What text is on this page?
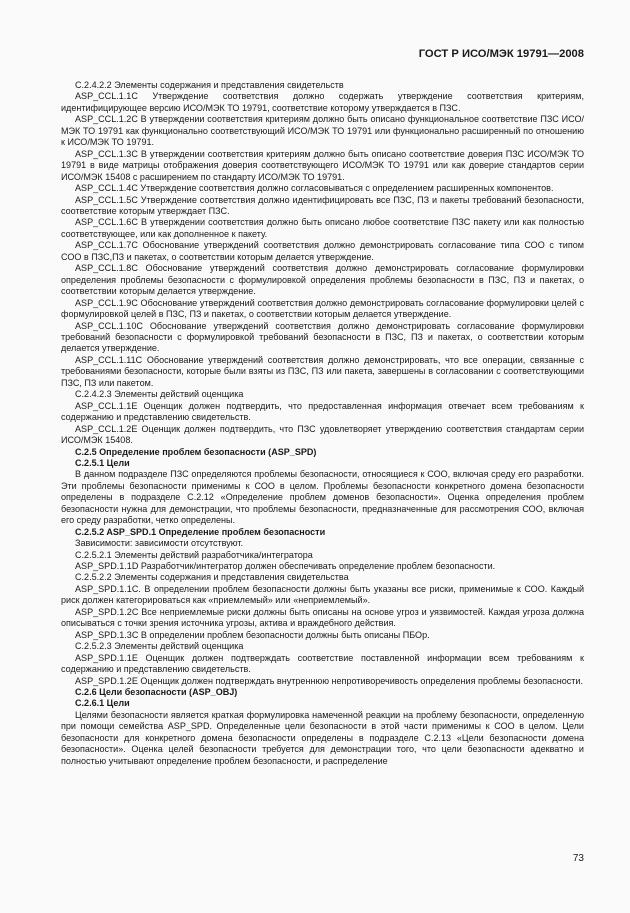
ГОСТ Р ИСО/МЭК 19791—2008

C.2.4.2.2 Элементы содержания и представления свидетельств

ASP_CCL.1.1C Утверждение соответствия должно содержать утверждение соответствия критериям, идентифицирующее версию ИСО/МЭК ТО 19791, соответствие которому утверждается в ПЗС.

ASP_CCL.1.2C В утверждении соответствия критериям должно быть описано функциональное соответствие ПЗС ИСО/МЭК ТО 19791 как функционально соответствующий ИСО/МЭК ТО 19791 или функционально расширенный по отношению к ИСО/МЭК ТО 19791.

ASP_CCL.1.3C В утверждении соответствия критериям должно быть описано соответствие доверия ПЗС ИСО/МЭК ТО 19791 в виде матрицы отображения доверия соответствующего ИСО/МЭК ТО 19791 или как доверие стандартов серии ИСО/МЭК 15408 с расширением по стандарту ИСО/МЭК ТО 19791.

ASP_CCL.1.4C Утверждение соответствия должно согласовываться с определением расширенных компонентов.

ASP_CCL.1.5C Утверждение соответствия должно идентифицировать все ПЗС, ПЗ и пакеты требований безопасности, соответствие которым утверждает ПЗС.

ASP_CCL.1.6C В утверждении соответствия должно быть описано любое соответствие ПЗС пакету или как полностью соответствующее, или как дополненное к пакету.

ASP_CCL.1.7C Обоснование утверждений соответствия должно демонстрировать согласование типа СОО с типом СОО в ПЗС,ПЗ и пакетах, о соответствии которым делается утверждение.

ASP_CCL.1.8C Обоснование утверждений соответствия должно демонстрировать согласование формулировки определения проблемы безопасности с формулировкой определения проблемы безопасности в ПЗС, ПЗ и пакетах, о соответствии которым делается утверждение.

ASP_CCL.1.9C Обоснование утверждений соответствия должно демонстрировать согласование формулировки целей с формулировкой целей в ПЗС, ПЗ и пакетах, о соответствии которым делается утверждение.

ASP_CCL.1.10C Обоснование утверждений соответствия должно демонстрировать согласование формулировки требований безопасности с формулировкой требований безопасности в ПЗС, ПЗ и пакетах, о соответствии которым делается утверждение.

ASP_CCL.1.11C Обоснование утверждений соответствия должно демонстрировать, что все операции, связанные с требованиями безопасности, которые были взяты из ПЗС, ПЗ или пакета, завершены в согласовании с соответствующими ПЗС, ПЗ или пакетом.

C.2.4.2.3 Элементы действий оценщика

ASP_CCL.1.1E Оценщик должен подтвердить, что предоставленная информация отвечает всем требованиям к содержанию и представлению свидетельств.

ASP_CCL.1.2E Оценщик должен подтвердить, что ПЗС удовлетворяет утверждению соответствия стандартам серии ИСО/МЭК 15408.

C.2.5 Определение проблем безопасности (ASP_SPD)

C.2.5.1 Цели

В данном подразделе ПЗС определяются проблемы безопасности, относящиеся к СОО, включая среду его разработки. Эти проблемы безопасности применимы к СОО в целом. Проблемы безопасности конкретного домена безопасности определены в подразделе C.2.12 «Определение проблем доменов безопасности». Оценка определения проблем безопасности нужна для демонстрации, что проблемы безопасности, предназначенные для рассмотрения СОО, включая его среду разработки, четко определены.

C.2.5.2 ASP_SPD.1 Определение проблем безопасности

Зависимости: зависимости отсутствуют.

C.2.5.2.1 Элементы действий разработчика/интегратора

ASP_SPD.1.1D Разработчик/интегратор должен обеспечивать определение проблем безопасности.

C.2.5.2.2 Элементы содержания и представления свидетельства

ASP_SPD.1.1C. В определении проблем безопасности должны быть указаны все риски, применимые к СОО. Каждый риск должен категорироваться как «приемлемый» или «неприемлемый».

ASP_SPD.1.2C Все неприемлемые риски должны быть описаны на основе угроз и уязвимостей. Каждая угроза должна описываться с точки зрения источника угрозы, актива и враждебного действия.

ASP_SPD.1.3C В определении проблем безопасности должны быть описаны ПБОр.

C.2.5.2.3 Элементы действий оценщика

ASP_SPD.1.1E Оценщик должен подтверждать соответствие поставленной информации всем требованиям к содержанию и представлению свидетельств.

ASP_SPD.1.2E Оценщик должен подтверждать внутреннюю непротиворечивость определения проблемы безопасности.

C.2.6 Цели безопасности (ASP_OBJ)

C.2.6.1 Цели

Целями безопасности является краткая формулировка намеченной реакции на проблему безопасности, определенную при помощи семейства ASP_SPD. Определенные цели безопасности в этой части применимы к СОО в целом. Цели безопасности для конкретного домена безопасности определены в подразделе C.2.13 «Цели безопасности домена безопасности». Оценка целей безопасности требуется для демонстрации того, что цели безопасности адекватно и полностью учитывают определение проблем безопасности, и распределение

73
